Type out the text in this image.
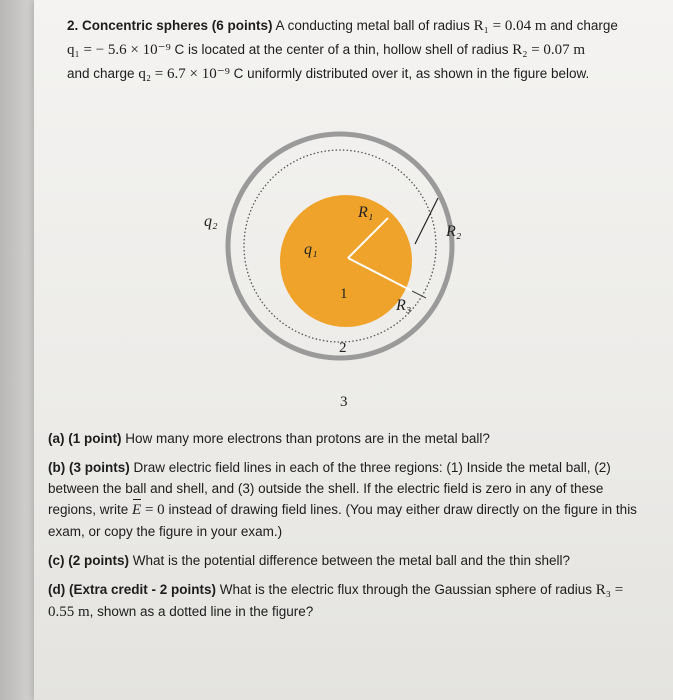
2. Concentric spheres (6 points) A conducting metal ball of radius R₁ = 0.04 m and charge

q₁ = − 5.6 × 10⁻⁹ C is located at the center of a thin, hollow shell of radius R₂ = 0.07 m

and charge q₂ = 6.7 × 10⁻⁹ C uniformly distributed over it, as shown in the figure below.

q₂
q₁
R₁
R₂
R₃
1
2
3

(a) (1 point) How many more electrons than protons are in the metal ball?

(b) (3 points) Draw electric field lines in each of the three regions: (1) Inside the metal ball, (2) between the ball and shell, and (3) outside the shell. If the electric field is zero in any of these regions, write E = 0 instead of drawing field lines. (You may either draw directly on the figure in this exam, or copy the figure in your exam.)

(c) (2 points) What is the potential difference between the metal ball and the thin shell?

(d) (Extra credit - 2 points) What is the electric flux through the Gaussian sphere of radius R₃ = 0.55 m, shown as a dotted line in the figure?
